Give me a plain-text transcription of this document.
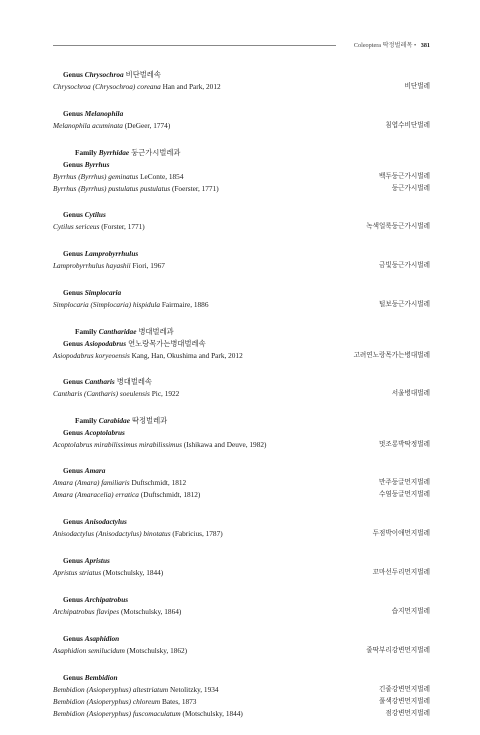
Coleoptera 딱정벌레목 • 381
Genus Chrysochroa 비단벌레속
Chrysochroa (Chrysochroa) coreana Han and Park, 2012	비단벌레
Genus Melanophila
Melanophila acuminata (DeGeer, 1774)	침엽수비단벌레
Family Byrrhidae 둥근가시벌레과
Genus Byrrhus
Byrrhus (Byrrhus) geminatus LeConte, 1854	백두둥근가시벌레
Byrrhus (Byrrhus) pustulatus pustulatus (Foerster, 1771)	둥근가시벌레
Genus Cytilus
Cytilus sericeus (Forster, 1771)	녹색얼룩둥근가시벌레
Genus Lamprobyrrhulus
Lamprobyrrhulus hayashii Fiori, 1967	금빛둥근가시벌레
Genus Simplocaria
Simplocaria (Simplocaria) hispidula Fairmaire, 1886	털보둥근가시벌레
Family Cantharidae 병대벌레과
Genus Asiopodabrus 연노랑목가는병대벌레속
Asiopodabrus koryeoensis Kang, Han, Okushima and Park, 2012	고려연노랑목가는병대벌레
Genus Cantharis 병대벌레속
Cantharis (Cantharis) soeulensis Pic, 1922	서울병대벌레
Family Carabidae 딱정벌레과
Genus Acoptolabrus
Acoptolabrus mirabilissimus mirabilissimus (Ishikawa and Deuve, 1982)	멋조롱박딱정벌레
Genus Amara
Amara (Amara) familiaris Duftschmidt, 1812	만주둥글먼지벌레
Amara (Amaracelia) erratica (Duftschmidt, 1812)	수염둥글먼지벌레
Genus Anisodactylus
Anisodactylus (Anisodactylus) binotatus (Fabricius, 1787)	두점박이애먼지벌레
Genus Apristus
Apristus striatus (Motschulsky, 1844)	꼬마선두리먼지벌레
Genus Archipatrobus
Archipatrobus flavipes (Motschulsky, 1864)	습지먼지벌레
Genus Asaphidion
Asaphidion semilucidum (Motschulsky, 1862)	줄딱부리강변먼지벌레
Genus Bembidion
Bembidion (Asioperyphus) altestriatum Netolitzky, 1934	긴줄강변먼지벌레
Bembidion (Asioperyphus) chloreum Bates, 1873	풀색강변먼지벌레
Bembidion (Asioperyphus) fuscomaculatum (Motschulsky, 1844)	점강변먼지벌레
